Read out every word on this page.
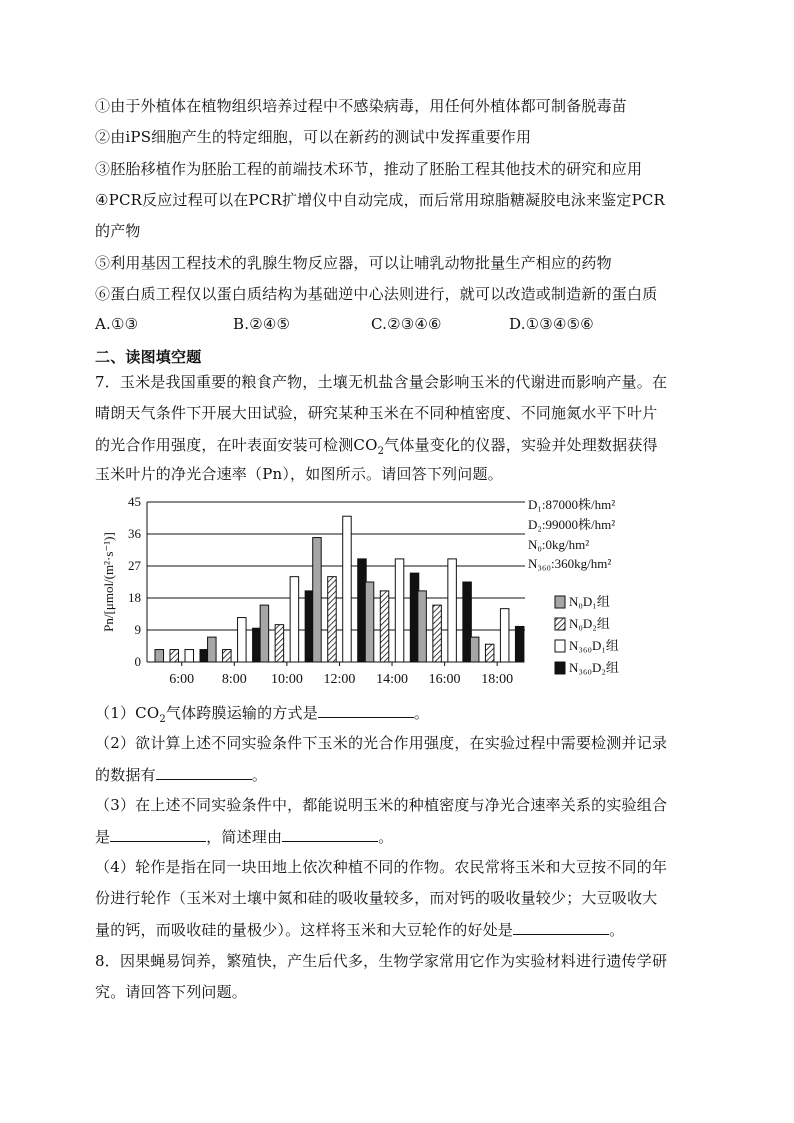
①由于外植体在植物组织培养过程中不感染病毒，用任何外植体都可制备脱毒苗
②由iPS细胞产生的特定细胞，可以在新药的测试中发挥重要作用
③胚胎移植作为胚胎工程的前端技术环节，推动了胚胎工程其他技术的研究和应用
④PCR反应过程可以在PCR扩增仪中自动完成，而后常用琼脂糖凝胶电泳来鉴定PCR
的产物
⑤利用基因工程技术的乳腺生物反应器，可以让哺乳动物批量生产相应的药物
⑥蛋白质工程仅以蛋白质结构为基础逆中心法则进行，就可以改造或制造新的蛋白质
A.①③	B.②④⑤	C.②③④⑥	D.①③④⑤⑥
二、读图填空题
7．玉米是我国重要的粮食产物，土壤无机盐含量会影响玉米的代谢进而影响产量。在
晴朗天气条件下开展大田试验，研究某种玉米在不同种植密度、不同施氮水平下叶片
的光合作用强度，在叶表面安装可检测$CO_2$气体量变化的仪器，实验并处理数据获得
玉米叶片的净光合速率（Pn），如图所示。请回答下列问题。
0
9
18
27
36
45
6:00 8:00 10:00 12:00 14:00 16:00 18:00
Pn/[μmol/(m²·s⁻¹)]
D₁:87000株/hm²
D₂:99000株/hm²
N₀:0kg/hm²
N₃₆₀:360kg/hm²
N₀D₁组
N₀D₂组
N₃₆₀D₁组
N₃₆₀D₂组
$(1)CO_2$气体跨膜运输的方式是	。
（2）欲计算上述不同实验条件下玉米的光合作用强度，在实验过程中需要检测并记录
的数据有	。
（3）在上述不同实验条件中，都能说明玉米的种植密度与净光合速率关系的实验组合
是	，简述理由	。
（4）轮作是指在同一块田地上依次种植不同的作物。农民常将玉米和大豆按不同的年
份进行轮作（玉米对土壤中氮和硅的吸收量较多，而对钙的吸收量较少；大豆吸收大
量的钙，而吸收硅的量极少）。这样将玉米和大豆轮作的好处是	。
8．因果蝇易饲养，繁殖快，产生后代多，生物学家常用它作为实验材料进行遗传学研
究。请回答下列问题。
